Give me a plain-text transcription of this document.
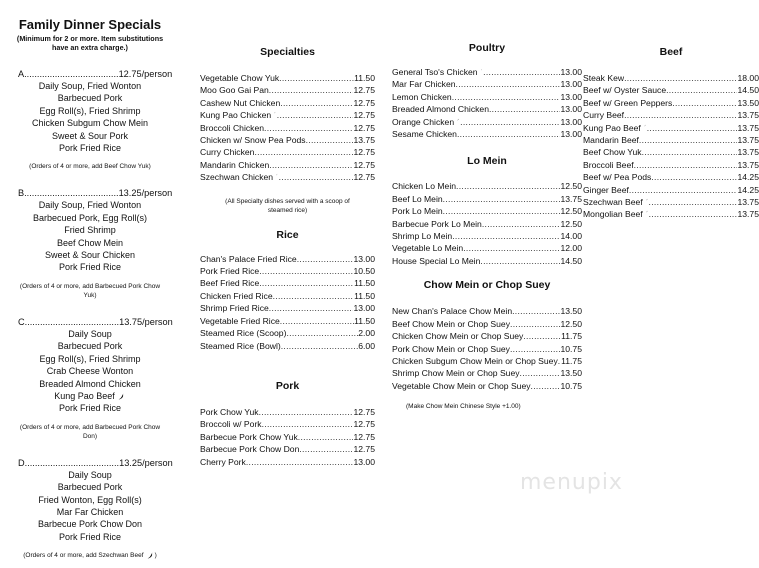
Family Dinner Specials
(Minimum for 2 or more. Item substitutions have an extra charge.)
A.....................................12.75/person
Daily Soup, Fried Wonton
Barbecued Pork
Egg Roll(s), Fried Shrimp
Chicken Subgum Chow Mein
Sweet & Sour Pork
Pork Fried Rice
(Orders of 4 or more, add Beef Chow Yuk)
B.....................................13.25/person
Daily Soup, Fried Wonton
Barbecued Pork, Egg Roll(s)
Fried Shrimp
Beef Chow Mein
Sweet & Sour Chicken
Pork Fried Rice
(Orders of 4 or more, add Barbecued Pork Chow Yuk)
C.....................................13.75/person
Daily Soup
Barbecued Pork
Egg Roll(s), Fried Shrimp
Crab Cheese Wonton
Breaded Almond Chicken
Kung Pao Beef
Pork Fried Rice
(Orders of 4 or more, add Barbecued Pork Chow Don)
D.....................................13.25/person
Daily Soup
Barbecued Pork
Fried Wonton, Egg Roll(s)
Mar Far Chicken
Barbecue Pork Chow Don
Pork Fried Rice
(Orders of 4 or more, add Szechwan Beef )
Specialties
Vegetable Chow Yuk .....	11.50
Moo Goo Gai Pan .....	12.75
Cashew Nut Chicken .....	12.75
Kung Pao Chicken .....	12.75
Broccoli Chicken .....	12.75
Chicken w/ Snow Pea Pods .....	13.75
Curry Chicken .....	12.75
Mandarin Chicken .....	12.75
Szechwan Chicken .....	12.75
(All Specialty dishes served with a scoop of steamed rice)
Rice
Chan's Palace Fried Rice .....	13.00
Pork Fried Rice .....	10.50
Beef Fried Rice .....	11.50
Chicken Fried Rice .....	11.50
Shrimp Fried Rice .....	13.00
Vegetable Fried Rice .....	11.50
Steamed Rice (Scoop) .....	2.00
Steamed Rice (Bowl) .....	6.00
Pork
Pork Chow Yuk .....	12.75
Broccoli w/ Pork .....	12.75
Barbecue Pork Chow Yuk .....	12.75
Barbecue Pork Chow Don .....	12.75
Cherry Pork .....	13.00
Poultry
General Tso's Chicken .....	13.00
Mar Far Chicken .....	13.00
Lemon Chicken .....	13.00
Breaded Almond Chicken .....	13.00
Orange Chicken .....	13.00
Sesame Chicken .....	13.00
Lo Mein
Chicken Lo Mein .....	12.50
Beef Lo Mein .....	13.75
Pork Lo Mein .....	12.50
Barbecue Pork Lo Mein .....	12.50
Shrimp Lo Mein .....	14.00
Vegetable Lo Mein .....	12.00
House Special Lo Mein .....	14.50
Chow Mein or Chop Suey
New Chan's Palace Chow Mein .....	13.50
Beef Chow Mein or Chop Suey .....	12.50
Chicken Chow Mein or Chop Suey .....	11.75
Pork Chow Mein or Chop Suey .....	10.75
Chicken Subgum Chow Mein or Chop Suey ..... 11.75
Shrimp Chow Mein or Chop Suey .....	13.50
Vegetable Chow Mein or Chop Suey .....	10.75
(Make Chow Mein Chinese Style +1.00)
Beef
Steak Kew .....	18.00
Beef w/ Oyster Sauce .....	14.50
Beef w/ Green Peppers .....	13.50
Curry Beef .....	13.75
Kung Pao Beef .....	13.75
Mandarin Beef .....	13.75
Beef Chow Yuk .....	13.75
Broccoli Beef .....	13.75
Beef w/ Pea Pods .....	14.25
Ginger Beef .....	14.25
Szechwan Beef .....	13.75
Mongolian Beef .....	13.75
menupix
